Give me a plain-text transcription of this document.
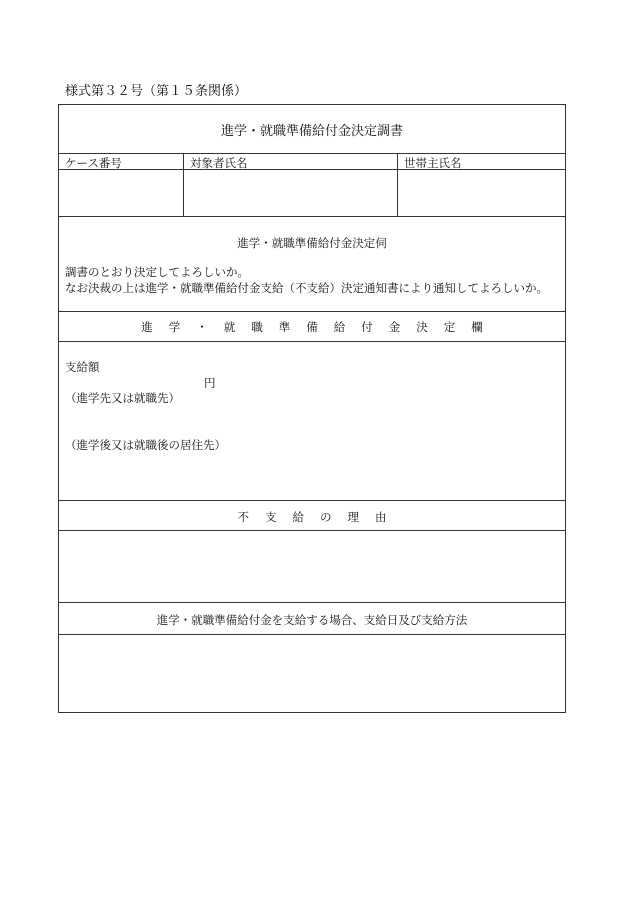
様式第３２号（第１５条関係）
進学・就職準備給付金決定調書
ケース番号	対象者氏名	世帯主氏名
進学・就職準備給付金決定伺
調書のとおり決定してよろしいか。
なお決裁の上は進学・就職準備給付金支給（不支給）決定通知書により通知してよろしいか。
進学・就職準備給付金決定欄
支給額
円
（進学先又は就職先）
（進学後又は就職後の居住先）
不支給の理由
進学・就職準備給付金を支給する場合、支給日及び支給方法
